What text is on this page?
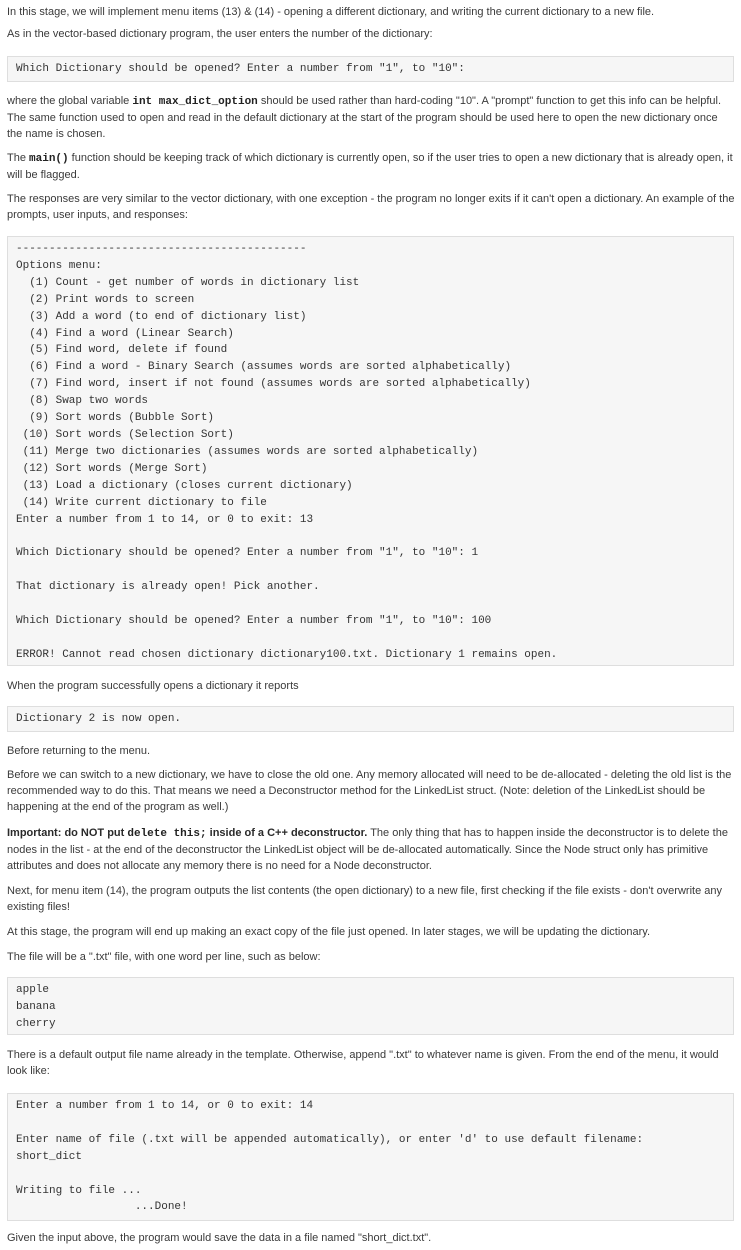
In this stage, we will implement menu items (13) & (14) - opening a different dictionary, and writing the current dictionary to a new file.

As in the vector-based dictionary program, the user enters the number of the dictionary:

Which Dictionary should be opened? Enter a number from "1", to "10":

where the global variable int max_dict_option should be used rather than hard-coding "10". A "prompt" function to get this info can be helpful. The same function used to open and read in the default dictionary at the start of the program should be used here to open the new dictionary once the name is chosen.

The main() function should be keeping track of which dictionary is currently open, so if the user tries to open a new dictionary that is already open, it will be flagged.

The responses are very similar to the vector dictionary, with one exception - the program no longer exits if it can't open a dictionary. An example of the prompts, user inputs, and responses:

--------------------------------------------
Options menu:
(1) Count - get number of words in dictionary list
(2) Print words to screen
(3) Add a word (to end of dictionary list)
(4) Find a word (Linear Search)
(5) Find word, delete if found
(6) Find a word - Binary Search (assumes words are sorted alphabetically)
(7) Find word, insert if not found (assumes words are sorted alphabetically)
(8) Swap two words
(9) Sort words (Bubble Sort)
(10) Sort words (Selection Sort)
(11) Merge two dictionaries (assumes words are sorted alphabetically)
(12) Sort words (Merge Sort)
(13) Load a dictionary (closes current dictionary)
(14) Write current dictionary to file
Enter a number from 1 to 14, or 0 to exit: 13

Which Dictionary should be opened? Enter a number from "1", to "10": 1

That dictionary is already open! Pick another.

Which Dictionary should be opened? Enter a number from "1", to "10": 100

ERROR! Cannot read chosen dictionary dictionary100.txt. Dictionary 1 remains open.

When the program successfully opens a dictionary it reports

Dictionary 2 is now open.

Before returning to the menu.

Before we can switch to a new dictionary, we have to close the old one. Any memory allocated will need to be de-allocated - deleting the old list is the recommended way to do this. That means we need a Deconstructor method for the LinkedList struct. (Note: deletion of the LinkedList should be happening at the end of the program as well.)

Important: do NOT put delete this; inside of a C++ deconstructor. The only thing that has to happen inside the deconstructor is to delete the nodes in the list - at the end of the deconstructor the LinkedList object will be de-allocated automatically. Since the Node struct only has primitive attributes and does not allocate any memory there is no need for a Node deconstructor.

Next, for menu item (14), the program outputs the list contents (the open dictionary) to a new file, first checking if the file exists - don't overwrite any existing files!

At this stage, the program will end up making an exact copy of the file just opened. In later stages, we will be updating the dictionary.

The file will be a ".txt" file, with one word per line, such as below:

apple
banana
cherry

There is a default output file name already in the template. Otherwise, append ".txt" to whatever name is given. From the end of the menu, it would look like:

Enter a number from 1 to 14, or 0 to exit: 14

Enter name of file (.txt will be appended automatically), or enter 'd' to use default filename:
short_dict

Writing to file ...
...Done!

Given the input above, the program would save the data in a file named "short_dict.txt".
